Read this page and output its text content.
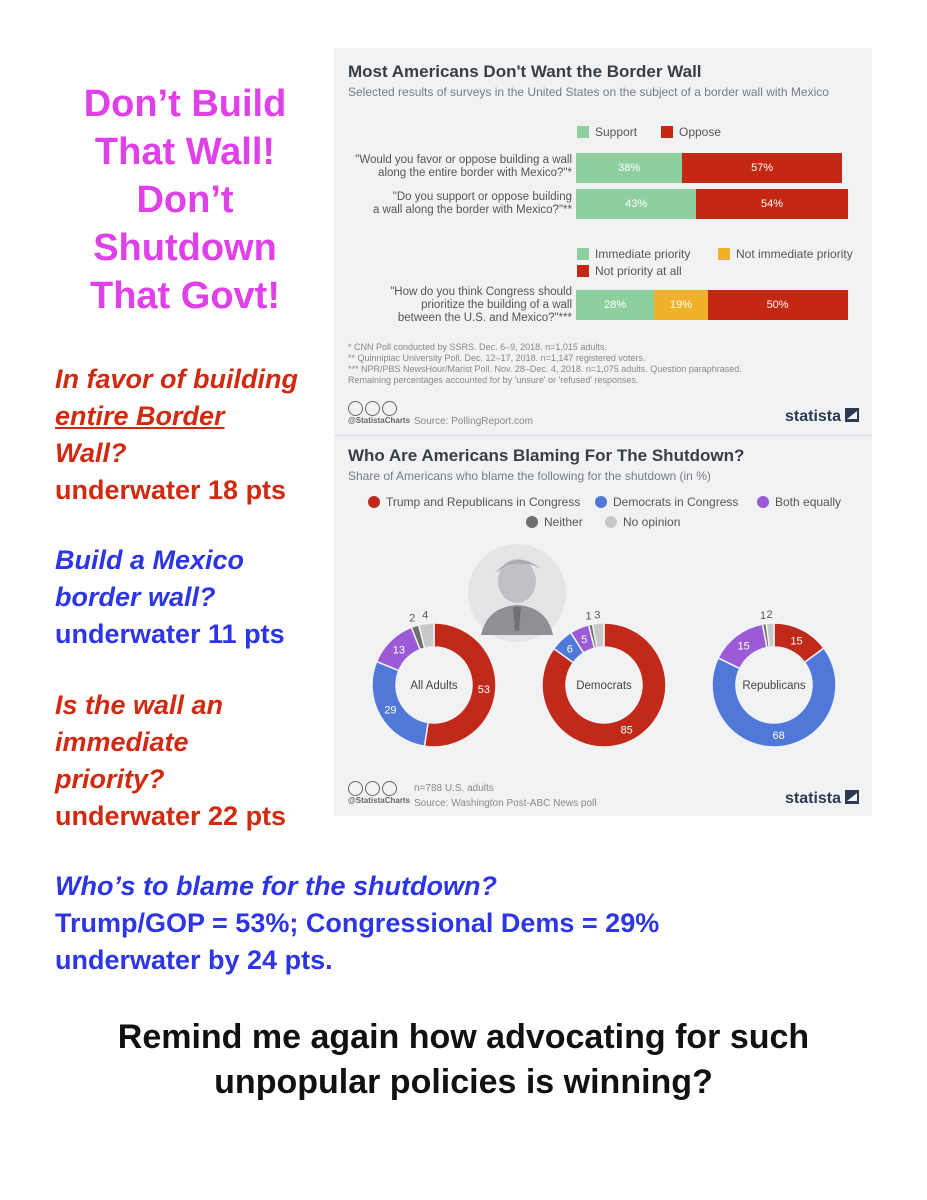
Don’t Build
That Wall!
Don’t
Shutdown
That Govt!
In favor of building
entire Border
Wall?
underwater 18 pts
Build a Mexico
border wall?
underwater 11 pts
Is the wall an
immediate
priority?
underwater 22 pts
Who’s to blame for the shutdown?
Trump/GOP = 53%; Congressional Dems = 29%
underwater by 24 pts.
Remind me again how advocating for such
unpopular policies is winning?
Most Americans Don't Want the Border Wall
Selected results of surveys in the United States on the subject of a border wall with Mexico
Support	Oppose
"Would you favor or oppose building a wall
along the entire border with Mexico?"*	38%	57%
"Do you support or oppose building
a wall along the border with Mexico?"**	43%	54%
Immediate priority	Not immediate priority
Not priority at all
"How do you think Congress should
prioritize the building of a wall
between the U.S. and Mexico?"***
28%	19%	50%
* CNN Poll conducted by SSRS. Dec. 6–9, 2018. n=1,015 adults.
** Quinnipiac University Poll. Dec. 12–17, 2018. n=1,147 registered voters.
*** NPR/PBS NewsHour/Marist Poll. Nov. 28–Dec. 4, 2018. n=1,075 adults. Question paraphrased.
Remaining percentages accounted for by 'unsure' or 'refused' responses.
@StatistaCharts Source: PollingReport.com	statista
Who Are Americans Blaming For The Shutdown?
Share of Americans who blame the following for the shutdown (in %)
Trump and Republicans in Congress	Democrats in Congress	Both equally
Neither	No opinion
53
29
13
2 4
All Adults
85
6
5
1 3
Democrats
15
68
15
1 2
Republicans
@StatistaCharts
n=788 U.S. adults
Source: Washington Post-ABC News poll	statista
